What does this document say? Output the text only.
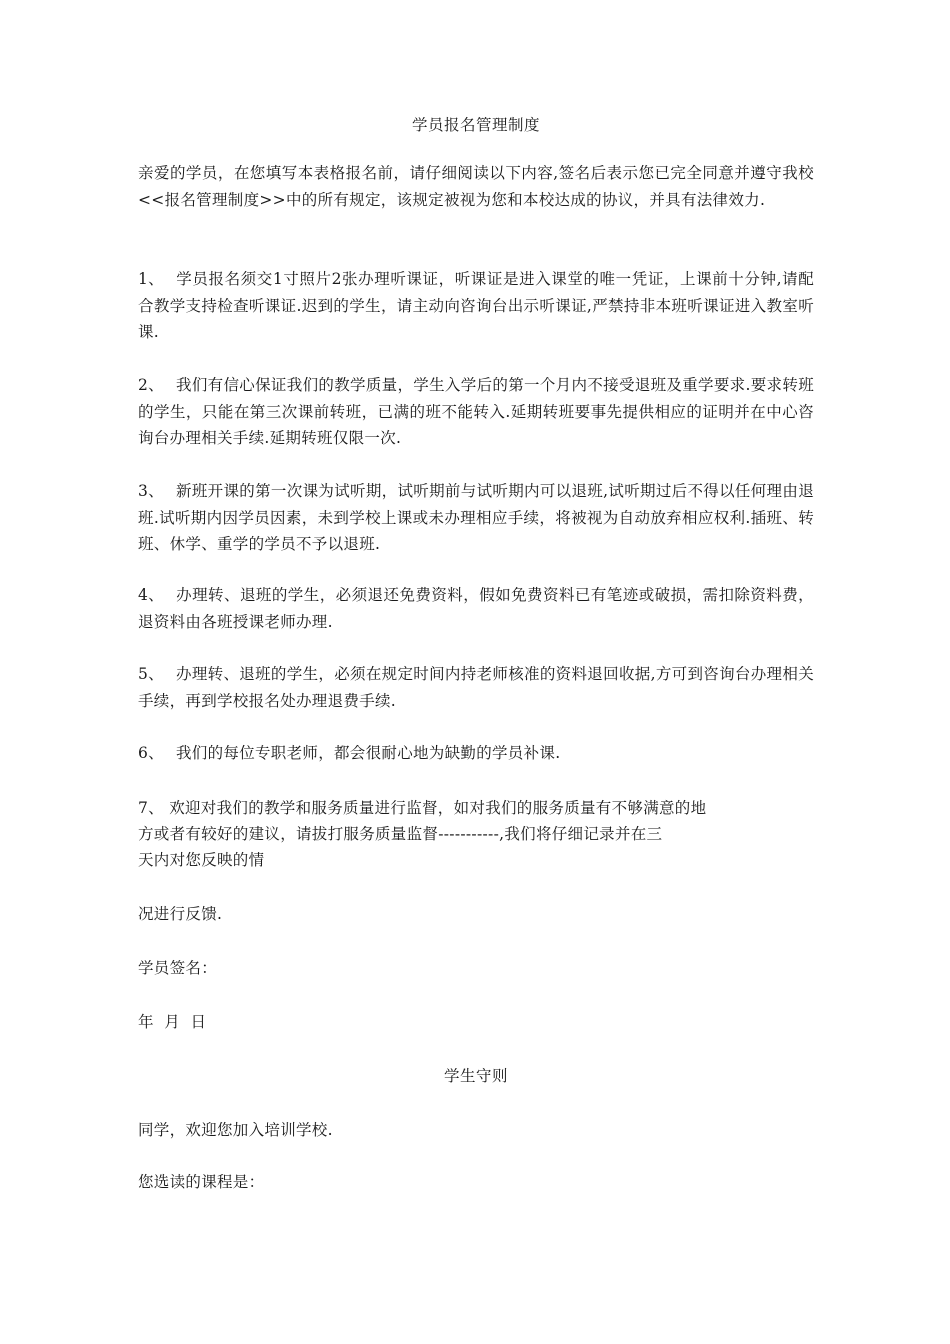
学员报名管理制度

亲爱的学员，在您填写本表格报名前，请仔细阅读以下内容,签名后表示您已完全同意并遵守我校<<报名管理制度>>中的所有规定，该规定被视为您和本校达成的协议，并具有法律效力.

1、 学员报名须交1寸照片2张办理听课证，听课证是进入课堂的唯一凭证，上课前十分钟,请配合教学支持检查听课证.迟到的学生，请主动向咨询台出示听课证,严禁持非本班听课证进入教室听课.

2、 我们有信心保证我们的教学质量，学生入学后的第一个月内不接受退班及重学要求.要求转班的学生，只能在第三次课前转班，已满的班不能转入.延期转班要事先提供相应的证明并在中心咨询台办理相关手续.延期转班仅限一次.

3、 新班开课的第一次课为试听期，试听期前与试听期内可以退班,试听期过后不得以任何理由退班.试听期内因学员因素，未到学校上课或未办理相应手续，将被视为自动放弃相应权利.插班、转班、休学、重学的学员不予以退班.

4、 办理转、退班的学生，必须退还免费资料，假如免费资料已有笔迹或破损，需扣除资料费，退资料由各班授课老师办理.

5、 办理转、退班的学生，必须在规定时间内持老师核准的资料退回收据,方可到咨询台办理相关手续，再到学校报名处办理退费手续.

6、 我们的每位专职老师，都会很耐心地为缺勤的学员补课.

7、 欢迎对我们的教学和服务质量进行监督，如对我们的服务质量有不够满意的地
方或者有较好的建议，请拔打服务质量监督-----------,我们将仔细记录并在三
天内对您反映的情
况进行反馈.
学员签名：
年  月  日
学生守则
同学，欢迎您加入培训学校.
您选读的课程是：
